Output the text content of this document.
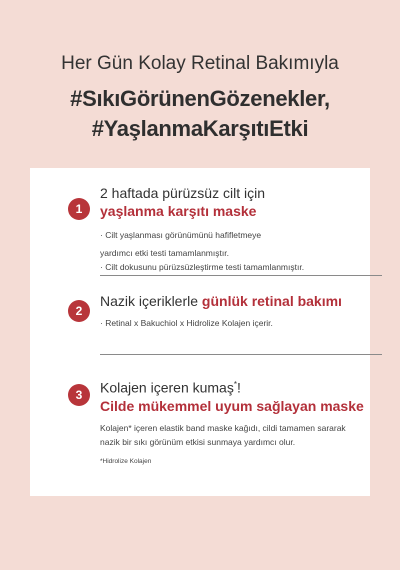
Her Gün Kolay Retinal Bakımıyla

#SıkıGörünenGözenekler,

#YaşlanmaKarşıtıEtki

1

2 haftada pürüzsüz cilt için

yaşlanma karşıtı maske

· Cilt yaşlanması görünümünü hafifletmeye

yardımcı etki testi tamamlanmıştır.

· Cilt dokusunu pürüzsüzleştirme testi tamamlanmıştır.

2

Nazik içeriklerle günlük retinal bakımı

· Retinal x Bakuchiol x Hidrolize Kolajen içerir.

3	Kolajen içeren kumaş*!

Cilde mükemmel uyum sağlayan maske

Kolajen* içeren elastik band maske kağıdı, cildi tamamen sararak

nazik bir sıkı görünüm etkisi sunmaya yardımcı olur.

*Hidrolize Kolajen
